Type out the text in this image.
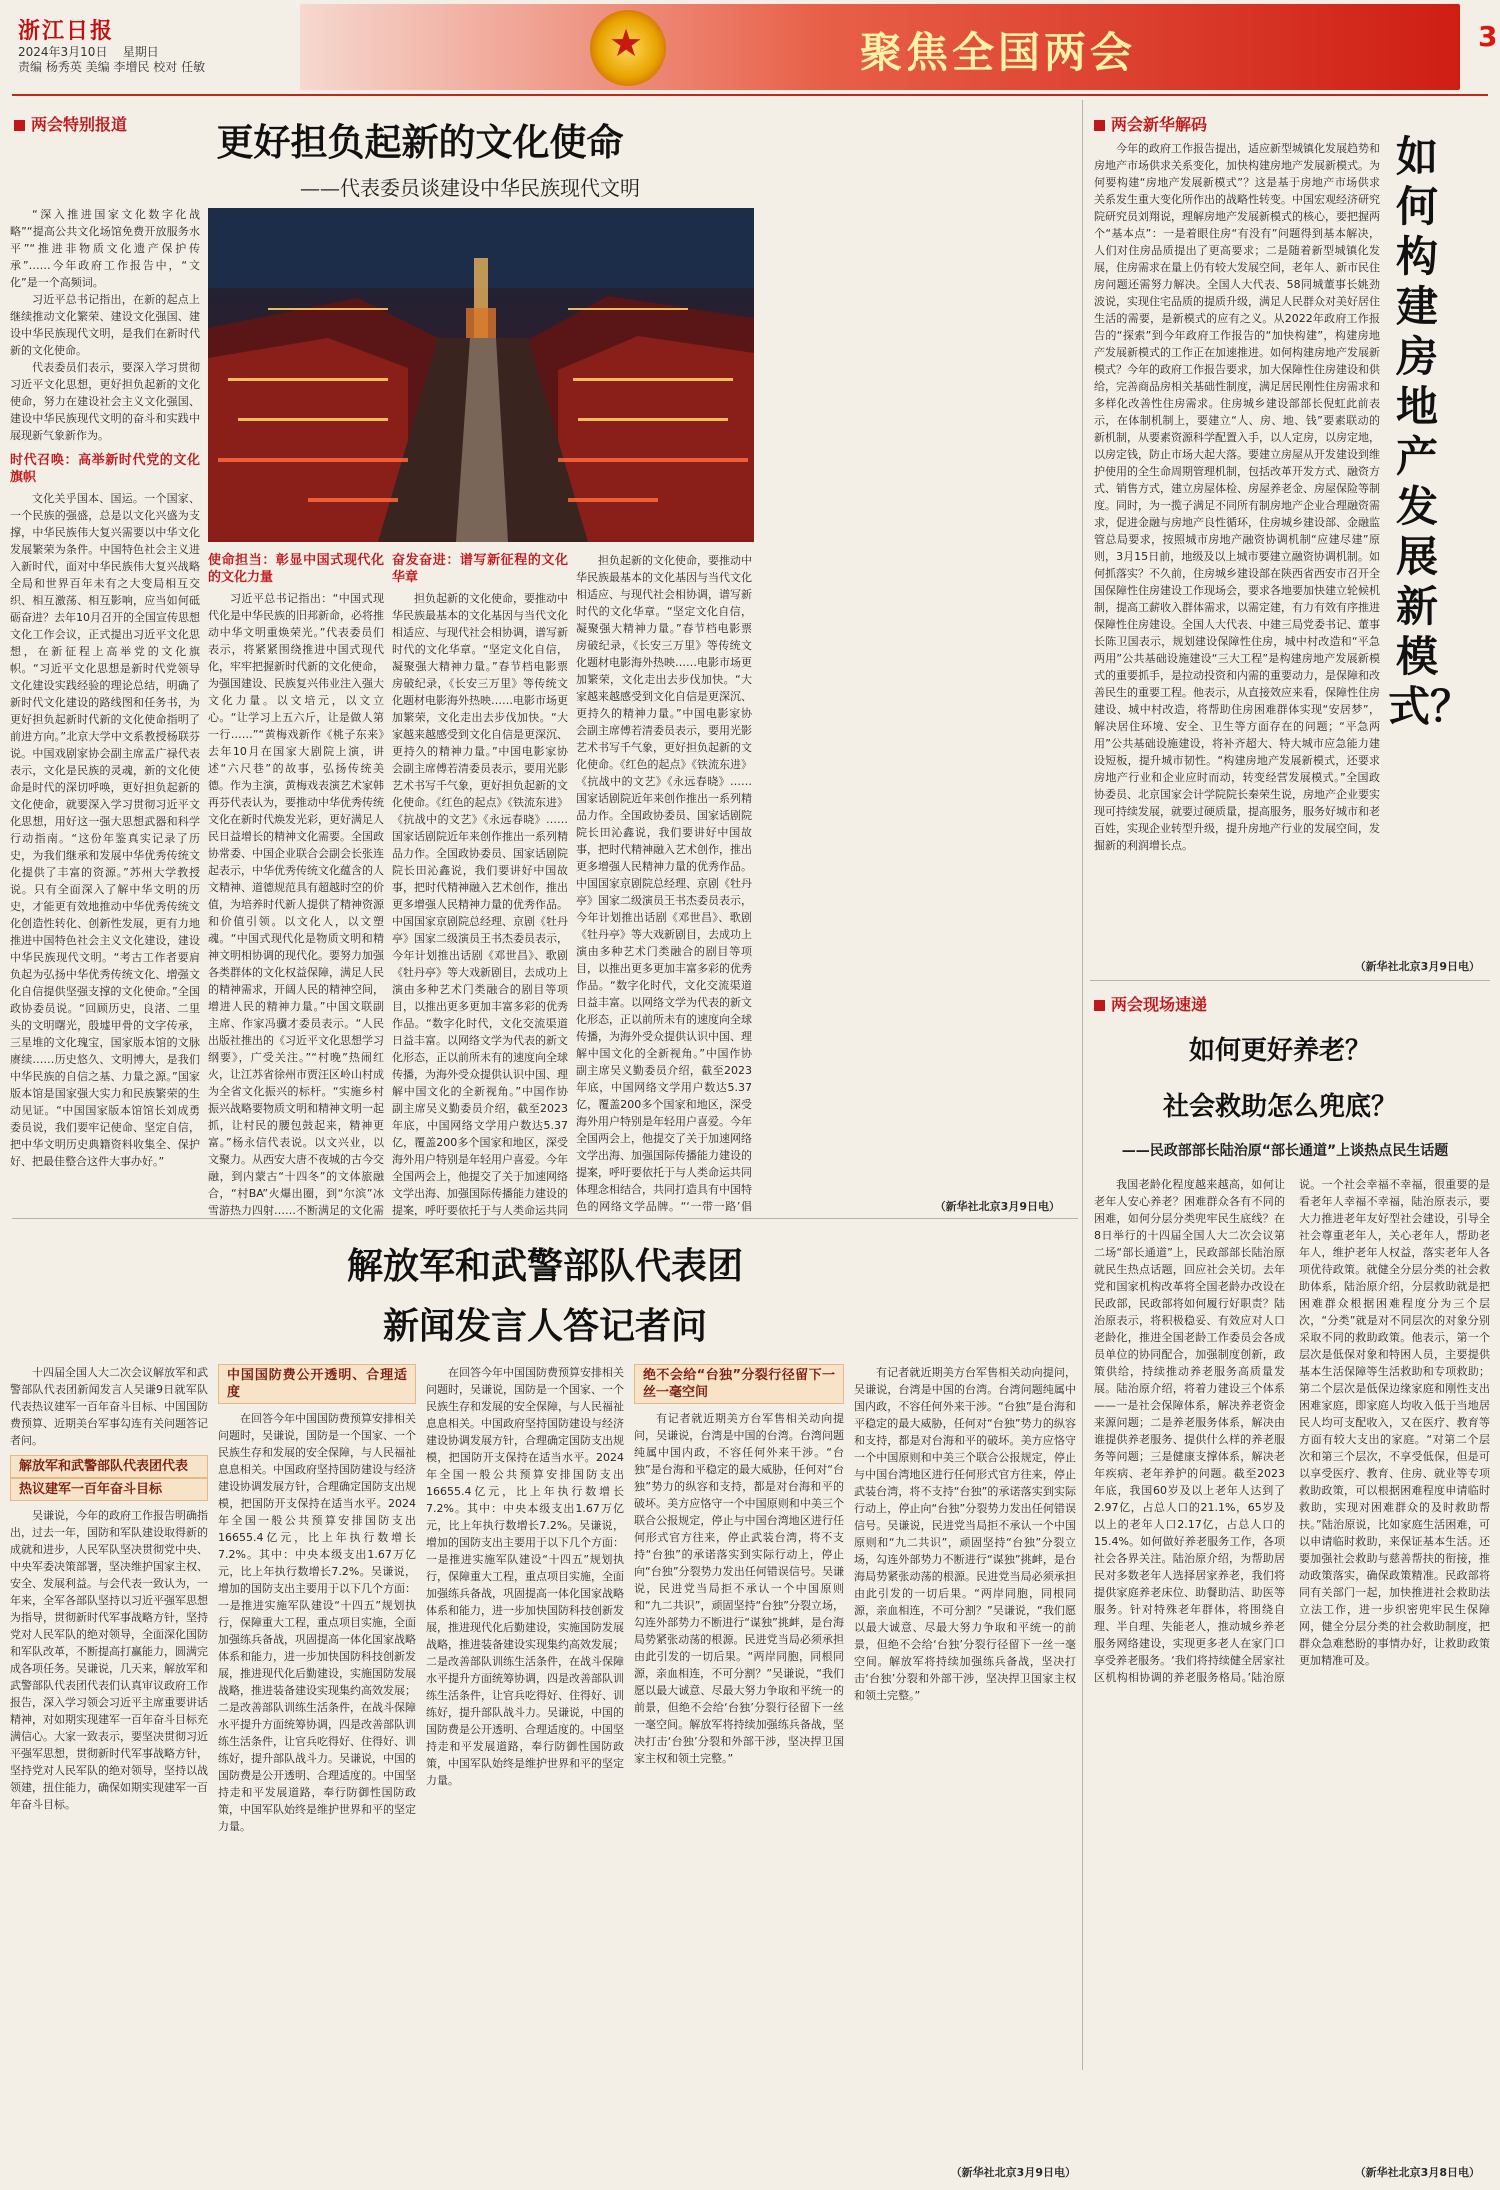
浙江日报
2024年3月10日 星期日
责编 杨秀英 美编 李增民 校对 任敏
★	聚焦全国两会	3
两会特别报道	更好担负起新的文化使命
——代表委员谈建设中华民族现代文明

“深入推进国家文化数字化战略”“提高公共文化场馆免费开放服务水平”“推进非物质文化遗产保护传承”……今年政府工作报告中，“文化”是一个高频词。

习近平总书记指出，在新的起点上继续推动文化繁荣、建设文化强国、建设中华民族现代文明，是我们在新时代新的文化使命。

代表委员们表示，要深入学习贯彻习近平文化思想，更好担负起新的文化使命，努力在建设社会主义文化强国、建设中华民族现代文明的奋斗和实践中展现新气象新作为。

时代召唤：高举新时代党的文化旗帜

文化关乎国本、国运。一个国家、一个民族的强盛，总是以文化兴盛为支撑，中华民族伟大复兴需要以中华文化发展繁荣为条件。中国特色社会主义进入新时代，面对中华民族伟大复兴战略全局和世界百年未有之大变局相互交织、相互激荡、相互影响，应当如何砥砺奋进？去年10月召开的全国宣传思想文化工作会议，正式提出习近平文化思想，在新征程上高举党的文化旗帜。“习近平文化思想是新时代党领导文化建设实践经验的理论总结，明确了新时代文化建设的路线图和任务书，为更好担负起新时代新的文化使命指明了前进方向。”北京大学中文系教授杨联芬说。中国戏剧家协会副主席孟广禄代表表示，文化是民族的灵魂，新的文化使命是时代的深切呼唤，更好担负起新的文化使命，就要深入学习贯彻习近平文化思想，用好这一强大思想武器和科学行动指南。“这份年鉴真实记录了历史，为我们继承和发展中华优秀传统文化提供了丰富的资源。”苏州大学教授说。只有全面深入了解中华文明的历史，才能更有效地推动中华优秀传统文化创造性转化、创新性发展，更有力地推进中国特色社会主义文化建设，建设中华民族现代文明。“考古工作者要肩负起为弘扬中华优秀传统文化、增强文化自信提供坚强支撑的文化使命。”全国政协委员说。“回顾历史，良渚、二里头的文明曙光，殷墟甲骨的文字传承，三星堆的文化瑰宝，国家版本馆的文脉赓续……历史悠久、文明博大，是我们中华民族的自信之基、力量之源。”国家版本馆是国家强大实力和民族繁荣的生动见证。“中国国家版本馆馆长刘成勇委员说，我们要牢记使命、坚定自信，把中华文明历史典籍资料收集全、保护好、把最佳整合这件大事办好。”

使命担当：彰显中国式现代化的文化力量

习近平总书记指出：“中国式现代化是中华民族的旧邦新命，必将推动中华文明重焕荣光。”代表委员们表示，将紧紧围绕推进中国式现代化，牢牢把握新时代新的文化使命，为强国建设、民族复兴伟业注入强大文化力量。以文培元，以文立心。“让学习上五六斤，让是做人第一行……”“黄梅戏新作《桃子东来》去年10月在国家大剧院上演，讲述“六尺巷”的故事，弘扬传统美德。作为主演，黄梅戏表演艺术家韩再芬代表认为，要推动中华优秀传统文化在新时代焕发光彩，更好满足人民日益增长的精神文化需要。全国政协常委、中国企业联合会副会长张连起表示，中华优秀传统文化蕴含的人文精神、道德规范具有超越时空的价值，为培养时代新人提供了精神资源和价值引领。以文化人，以文塑魂。“中国式现代化是物质文明和精神文明相协调的现代化。要努力加强各类群体的文化权益保障，满足人民的精神需求，开阔人民的精神空间，增进人民的精神力量。”中国文联副主席、作家冯骥才委员表示。“人民出版社推出的《习近平文化思想学习纲要》，广受关注。”“村晚”热闹红火，让江苏省徐州市贾汪区岭山村成为全省文化振兴的标杆。“实施乡村振兴战略要物质文明和精神文明一起抓，让村民的腰包鼓起来，精神更富。”杨永信代表说。以文兴业，以文聚力。从西安大唐不夜城的古今交融，到内蒙古“十四冬”的文体旅融合，“村BA”火爆出圈，到“尔滨”冰雪游热力四射……不断满足的文化需

奋发奋进：谱写新征程的文化华章

担负起新的文化使命，要推动中华民族最基本的文化基因与当代文化相适应、与现代社会相协调，谱写新时代的文化华章。“坚定文化自信，凝聚强大精神力量。”春节档电影票房破纪录，《长安三万里》等传统文化题材电影海外热映……电影市场更加繁荣，文化走出去步伐加快。“大家越来越感受到文化自信是更深沉、更持久的精神力量。”中国电影家协会副主席傅若清委员表示，要用光影艺术书写千气象，更好担负起新的文化使命。《红色的起点》《铁流东进》《抗战中的文艺》《永远春晓》……国家话剧院近年来创作推出一系列精品力作。全国政协委员、国家话剧院院长田沁鑫说，我们要讲好中国故事，把时代精神融入艺术创作，推出更多增强人民精神力量的优秀作品。中国国家京剧院总经理、京剧《牡丹亭》国家二级演员王书杰委员表示，今年计划推出话剧《邓世昌》、歌剧《牡丹亭》等大戏新剧目，去成功上演由多种艺术门类融合的剧目等项目，以推出更多更加丰富多彩的优秀作品。“数字化时代，文化交流渠道日益丰富。以网络文学为代表的新文化形态，正以前所未有的速度向全球传播，为海外受众提供认识中国、理解中国文化的全新视角。”中国作协副主席吴义勤委员介绍，截至2023年底，中国网络文学用户数达5.37亿，覆盖200多个国家和地区，深受海外用户特别是年轻用户喜爱。今年全国两会上，他提交了关于加速网络文学出海、加强国际传播能力建设的提案，呼吁要依托于与人类命运共同

担负起新的文化使命，要推动中华民族最基本的文化基因与当代文化相适应、与现代社会相协调，谱写新时代的文化华章。“坚定文化自信，凝聚强大精神力量。”春节档电影票房破纪录，《长安三万里》等传统文化题材电影海外热映……电影市场更加繁荣，文化走出去步伐加快。“大家越来越感受到文化自信是更深沉、更持久的精神力量。”中国电影家协会副主席傅若清委员表示，要用光影艺术书写千气象，更好担负起新的文化使命。《红色的起点》《铁流东进》《抗战中的文艺》《永远春晓》……国家话剧院近年来创作推出一系列精品力作。全国政协委员、国家话剧院院长田沁鑫说，我们要讲好中国故事，把时代精神融入艺术创作，推出更多增强人民精神力量的优秀作品。中国国家京剧院总经理、京剧《牡丹亭》国家二级演员王书杰委员表示，今年计划推出话剧《邓世昌》、歌剧《牡丹亭》等大戏新剧目，去成功上演由多种艺术门类融合的剧目等项目，以推出更多更加丰富多彩的优秀作品。“数字化时代，文化交流渠道日益丰富。以网络文学为代表的新文化形态，正以前所未有的速度向全球传播，为海外受众提供认识中国、理解中国文化的全新视角。”中国作协副主席吴义勤委员介绍，截至2023年底，中国网络文学用户数达5.37亿，覆盖200多个国家和地区，深受海外用户特别是年轻用户喜爱。今年全国两会上，他提交了关于加速网络文学出海、加强国际传播能力建设的提案，呼吁要依托于与人类命运共同体理念相结合，共同打造具有中国特色的网络文学品牌。“‘一带一路’倡	（新华社北京3月9日电）
两会新华解码
如何构建房地产发展新模式？

今年的政府工作报告提出，适应新型城镇化发展趋势和房地产市场供求关系变化，加快构建房地产发展新模式。为何要构建“房地产发展新模式”？这是基于房地产市场供求关系发生重大变化所作出的战略性转变。中国宏观经济研究院研究员刘翔说，理解房地产发展新模式的核心，要把握两个“基本点”：一是着眼住房“有没有”问题得到基本解决，人们对住房品质提出了更高要求；二是随着新型城镇化发展，住房需求在量上仍有较大发展空间，老年人、新市民住房问题还需努力解决。全国人大代表、58同城董事长姚劲波说，实现住宅品质的提质升级，满足人民群众对美好居住生活的需要，是新模式的应有之义。从2022年政府工作报告的“探索”到今年政府工作报告的“加快构建”，构建房地产发展新模式的工作正在加速推进。如何构建房地产发展新模式？今年的政府工作报告要求，加大保障性住房建设和供给，完善商品房相关基础性制度，满足居民刚性住房需求和多样化改善性住房需求。住房城乡建设部部长倪虹此前表示，在体制机制上，要建立“人、房、地、钱”要素联动的新机制，从要素资源科学配置入手，以人定房，以房定地，以房定钱，防止市场大起大落。要建立房屋从开发建设到维护使用的全生命周期管理机制，包括改革开发方式、融资方式、销售方式，建立房屋体检、房屋养老金、房屋保险等制度。同时，为一揽子满足不同所有制房地产企业合理融资需求，促进金融与房地产良性循环，住房城乡建设部、金融监管总局要求，按照城市房地产融资协调机制“应建尽建”原则，3月15日前，地级及以上城市要建立融资协调机制。如何抓落实？不久前，住房城乡建设部在陕西省西安市召开全国保障性住房建设工作现场会，要求各地要加快建立轮候机制，提高工薪收入群体需求，以需定建，有力有效有序推进保障性住房建设。全国人大代表、中建三局党委书记、董事长陈卫国表示，规划建设保障性住房，城中村改造和“平急两用”公共基础设施建设“三大工程”是构建房地产发展新模式的重要抓手，是拉动投资和内需的重要动力，是保障和改善民生的重要工程。他表示，从直接效应来看，保障性住房建设、城中村改造，将帮助住房困难群体实现“安居梦”，解决居住环境、安全、卫生等方面存在的问题；“平急两用”公共基础设施建设，将补齐超大、特大城市应急能力建设短板，提升城市韧性。“构建房地产发展新模式，还要求房地产行业和企业应时而动，转变经营发展模式。”全国政协委员、北京国家会计学院院长秦荣生说，房地产企业要实现可持续发展，就要过硬质量，提高服务，服务好城市和老百姓，实现企业转型升级，提升房地产行业的发展空间，发掘新的利润增长点。

（新华社北京3月9日电）
两会现场速递
如何更好养老？
社会救助怎么兜底？
——民政部部长陆治原“部长通道”上谈热点民生话题

我国老龄化程度越来越高，如何让老年人安心养老？困难群众各有不同的困难，如何分层分类兜牢民生底线？在8日举行的十四届全国人大二次会议第二场“部长通道”上，民政部部长陆治原就民生热点话题，回应社会关切。去年党和国家机构改革将全国老龄办改设在民政部，民政部将如何履行好职责？陆治原表示，将积极稳妥、有效应对人口老龄化，推进全国老龄工作委员会各成员单位的协同配合，加强制度创新，政策供给，持续推动养老服务高质量发展。陆治原介绍，将着力建设三个体系——一是社会保障体系，解决养老资金来源问题；二是养老服务体系，解决由谁提供养老服务、提供什么样的养老服务等问题；三是健康支撑体系，解决老年疾病、老年养护的问题。截至2023年底，我国60岁及以上老年人达到了2.97亿，占总人口的21.1%，65岁及以上的老年人口2.17亿，占总人口的15.4%。如何做好养老服务工作，各项社会各界关注。陆治原介绍，为帮助居民对多数老年人选择居家养老，我们将提供家庭养老床位、助餐助洁、助医等服务。针对特殊老年群体，将围绕自理、半自理、失能老人，推动城乡养老服务网络建设，实现更多老人在家门口享受养老服务。‘我们将持续健全居家社区机构相协调的养老服务格局。’陆治原说。一个社会幸福不幸福，很重要的是看老年人幸福不幸福，陆治原表示，要大力推进老年友好型社会建设，引导全社会尊重老年人，关心老年人，帮助老年人，维护老年人权益，落实老年人各项优待政策。就健全分层分类的社会救助体系，陆治原介绍，分层救助就是把困难群众根据困难程度分为三个层次，“分类”就是对不同层次的对象分别采取不同的救助政策。他表示，第一个层次是低保对象和特困人员，主要提供基本生活保障等生活救助和专项救助；第二个层次是低保边缘家庭和刚性支出困难家庭，即家庭人均收入低于当地居民人均可支配收入，又在医疗、教育等方面有较大支出的家庭。“对第二个层次和第三个层次，不享受低保，但是可以享受医疗、教育、住房、就业等专项救助政策，可以根据困难程度申请临时救助，实现对困难群众的及时救助帮扶。”陆治原说，比如家庭生活困难，可以申请临时救助，来保证基本生活。还要加强社会救助与慈善帮扶的衔接，推动政策落实，确保政策精准。民政部将同有关部门一起，加快推进社会救助法立法工作，进一步织密兜牢民生保障网，健全分层分类的社会救助制度，把群众急难愁盼的事情办好，让救助政策更加精准可及。

（新华社北京3月8日电）
解放军和武警部队代表团
新闻发言人答记者问

十四届全国人大二次会议解放军和武警部队代表团新闻发言人吴谦9日就军队代表热议建军一百年奋斗目标、中国国防费预算、近期美台军事勾连有关问题答记者问。

解放军和武警部队代表团代表
热议建军一百年奋斗目标

吴谦说，今年的政府工作报告明确指出，过去一年，国防和军队建设取得新的成就和进步，人民军队坚决贯彻党中央、中央军委决策部署，坚决维护国家主权、安全、发展利益。与会代表一致认为，一年来，全军各部队坚持以习近平强军思想为指导，贯彻新时代军事战略方针，坚持党对人民军队的绝对领导，全面深化国防和军队改革，不断提高打赢能力，圆满完成各项任务。吴谦说，几天来，解放军和武警部队代表团代表们认真审议政府工作报告，深入学习领会习近平主席重要讲话精神，对如期实现建军一百年奋斗目标充满信心。大家一致表示，要坚决贯彻习近平强军思想，贯彻新时代军事战略方针，坚持党对人民军队的绝对领导，坚持以战领建，扭住能力，确保如期实现建军一百年奋斗目标。

中国国防费公开透明、合理适度

在回答今年中国国防费预算安排相关问题时，吴谦说，国防是一个国家、一个民族生存和发展的安全保障，与人民福祉息息相关。中国政府坚持国防建设与经济建设协调发展方针，合理确定国防支出规模，把国防开支保持在适当水平。2024年全国一般公共预算安排国防支出16655.4亿元，比上年执行数增长7.2%。其中：中央本级支出1.67万亿元，比上年执行数增长7.2%。吴谦说，增加的国防支出主要用于以下几个方面：一是推进实施军队建设“十四五”规划执行，保障重大工程，重点项目实施，全面加强练兵备战，巩固提高一体化国家战略体系和能力，进一步加快国防科技创新发展，推进现代化后勤建设，实施国防发展战略，推进装备建设实现集约高效发展；二是改善部队训练生活条件，在战斗保障水平提升方面统筹协调，四是改善部队训练生活条件，让官兵吃得好、住得好、训练好，提升部队战斗力。吴谦说，中国的国防费是公开透明、合理适度的。中国坚持走和平发展道路，奉行防御性国防政策，中国军队始终是维护世界和平的坚定力量。

在回答今年中国国防费预算安排相关问题时，吴谦说，国防是一个国家、一个民族生存和发展的安全保障，与人民福祉息息相关。中国政府坚持国防建设与经济建设协调发展方针，合理确定国防支出规模，把国防开支保持在适当水平。2024年全国一般公共预算安排国防支出16655.4亿元，比上年执行数增长7.2%。其中：中央本级支出1.67万亿元，比上年执行数增长7.2%。吴谦说，增加的国防支出主要用于以下几个方面：一是推进实施军队建设“十四五”规划执行，保障重大工程，重点项目实施，全面加强练兵备战，巩固提高一体化国家战略体系和能力，进一步加快国防科技创新发展，推进现代化后勤建设，实施国防发展战略，推进装备建设实现集约高效发展；二是改善部队训练生活条件，在战斗保障水平提升方面统筹协调，四是改善部队训练生活条件，让官兵吃得好、住得好、训练好，提升部队战斗力。吴谦说，中国的国防费是公开透明、合理适度的。中国坚持走和平发展道路，奉行防御性国防政策，中国军队始终是维护世界和平的坚定力量。

绝不会给“台独”分裂行径留下一丝一毫空间

有记者就近期美方台军售相关动向提问，吴谦说，台湾是中国的台湾。台湾问题纯属中国内政，不容任何外来干涉。“台独”是台海和平稳定的最大威胁，任何对“台独”势力的纵容和支持，都是对台海和平的破坏。美方应恪守一个中国原则和中美三个联合公报规定，停止与中国台湾地区进行任何形式官方往来，停止武装台湾，将不支持“台独”的承诺落实到实际行动上，停止向“台独”分裂势力发出任何错误信号。吴谦说，民进党当局拒不承认一个中国原则和“九二共识”，顽固坚持“台独”分裂立场，勾连外部势力不断进行“谋独”挑衅，是台海局势紧张动荡的根源。民进党当局必须承担由此引发的一切后果。“两岸同胞，同根同源，亲血相连，不可分割？”吴谦说，“我们愿以最大诚意、尽最大努力争取和平统一的前景，但绝不会给‘台独’分裂行径留下一丝一毫空间。解放军将持续加强练兵备战，坚决打击‘台独’分裂和外部干涉，坚决捍卫国家主权和领土完整。”

有记者就近期美方台军售相关动向提问，吴谦说，台湾是中国的台湾。台湾问题纯属中国内政，不容任何外来干涉。“台独”是台海和平稳定的最大威胁，任何对“台独”势力的纵容和支持，都是对台海和平的破坏。美方应恪守一个中国原则和中美三个联合公报规定，停止与中国台湾地区进行任何形式官方往来，停止武装台湾，将不支持“台独”的承诺落实到实际行动上，停止向“台独”分裂势力发出任何错误信号。吴谦说，民进党当局拒不承认一个中国原则和“九二共识”，顽固坚持“台独”分裂立场，勾连外部势力不断进行“谋独”挑衅，是台海局势紧张动荡的根源。民进党当局必须承担由此引发的一切后果。“两岸同胞，同根同源，亲血相连，不可分割？”吴谦说，“我们愿以最大诚意、尽最大努力争取和平统一的前景，但绝不会给‘台独’分裂行径留下一丝一毫空间。解放军将持续加强练兵备战，坚决打击‘台独’分裂和外部干涉，坚决捍卫国家主权和领土完整。”

（新华社北京3月9日电）
